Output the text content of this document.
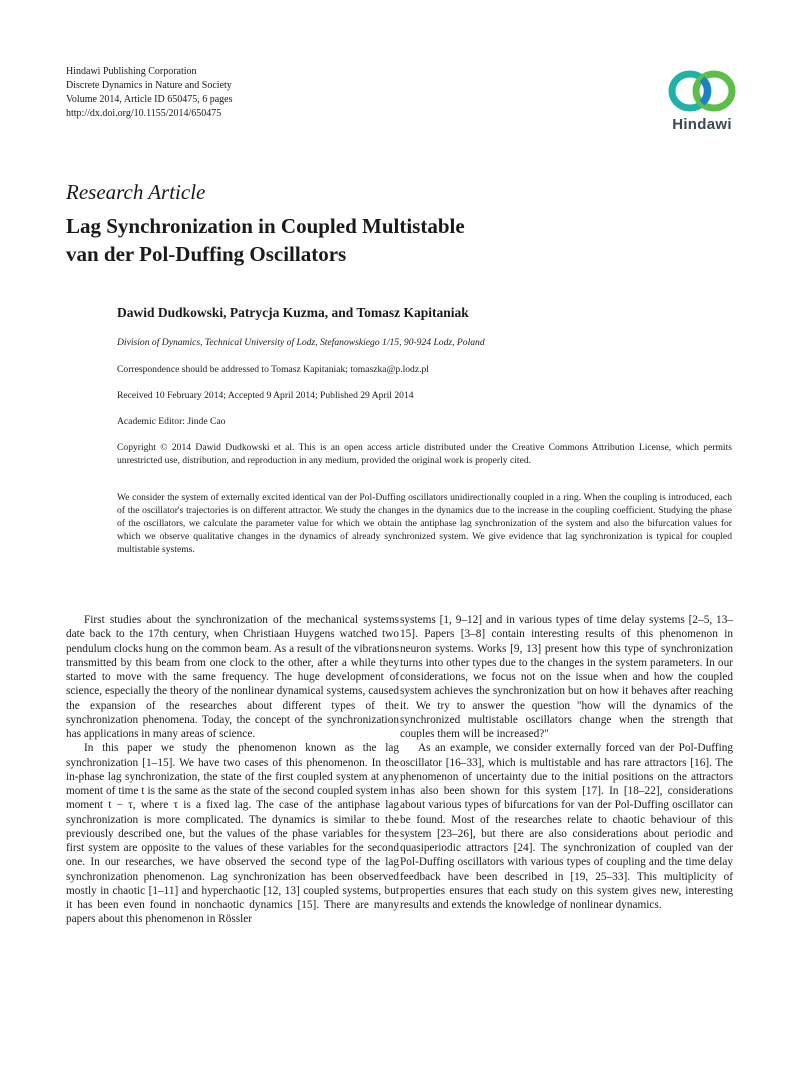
Hindawi Publishing Corporation
Discrete Dynamics in Nature and Society
Volume 2014, Article ID 650475, 6 pages
http://dx.doi.org/10.1155/2014/650475
Hindawi
Research Article
Lag Synchronization in Coupled Multistable
van der Pol-Duffing Oscillators
Dawid Dudkowski, Patrycja Kuzma, and Tomasz Kapitaniak
Division of Dynamics, Technical University of Lodz, Stefanowskiego 1/15, 90-924 Lodz, Poland
Correspondence should be addressed to Tomasz Kapitaniak; tomaszka@p.lodz.pl
Received 10 February 2014; Accepted 9 April 2014; Published 29 April 2014
Academic Editor: Jinde Cao
Copyright © 2014 Dawid Dudkowski et al. This is an open access article distributed under the Creative Commons Attribution License, which permits unrestricted use, distribution, and reproduction in any medium, provided the original work is properly cited.
We consider the system of externally excited identical van der Pol-Duffing oscillators unidirectionally coupled in a ring. When the coupling is introduced, each of the oscillator's trajectories is on different attractor. We study the changes in the dynamics due to the increase in the coupling coefficient. Studying the phase of the oscillators, we calculate the parameter value for which we obtain the antiphase lag synchronization of the system and also the bifurcation values for which we observe qualitative changes in the dynamics of already synchronized system. We give evidence that lag synchronization is typical for coupled multistable systems.

First studies about the synchronization of the mechanical systems date back to the 17th century, when Christiaan Huygens watched two pendulum clocks hung on the common beam. As a result of the vibrations transmitted by this beam from one clock to the other, after a while they started to move with the same frequency. The huge development of science, especially the theory of the nonlinear dynamical systems, caused the expansion of the researches about different types of the synchronization phenomena. Today, the concept of the synchronization has applications in many areas of science.

In this paper we study the phenomenon known as the lag synchronization [1–15]. We have two cases of this phenomenon. In the in-phase lag synchronization, the state of the first coupled system at any moment of time t is the same as the state of the second coupled system in moment t − τ, where τ is a fixed lag. The case of the antiphase lag synchronization is more complicated. The dynamics is similar to the previously described one, but the values of the phase variables for the first system are opposite to the values of these variables for the second one. In our researches, we have observed the second type of the lag synchronization phenomenon. Lag synchronization has been observed mostly in chaotic [1–11] and hyperchaotic [12, 13] coupled systems, but it has been even found in nonchaotic dynamics [15]. There are many papers about this phenomenon in Rössler

systems [1, 9–12] and in various types of time delay systems [2–5, 13–15]. Papers [3–8] contain interesting results of this phenomenon in neuron systems. Works [9, 13] present how this type of synchronization turns into other types due to the changes in the system parameters. In our considerations, we focus not on the issue when and how the coupled system achieves the synchronization but on how it behaves after reaching it. We try to answer the question "how will the dynamics of the synchronized multistable oscillators change when the strength that couples them will be increased?"

As an example, we consider externally forced van der Pol-Duffing oscillator [16–33], which is multistable and has rare attractors [16]. The phenomenon of uncertainty due to the initial positions on the attractors has also been shown for this system [17]. In [18–22], considerations about various types of bifurcations for van der Pol-Duffing oscillator can be found. Most of the researches relate to chaotic behaviour of this system [23–26], but there are also considerations about periodic and quasiperiodic attractors [24]. The synchronization of coupled van der Pol-Duffing oscillators with various types of coupling and the time delay feedback have been described in [19, 25–33]. This multiplicity of properties ensures that each study on this system gives new, interesting results and extends the knowledge of nonlinear dynamics.
